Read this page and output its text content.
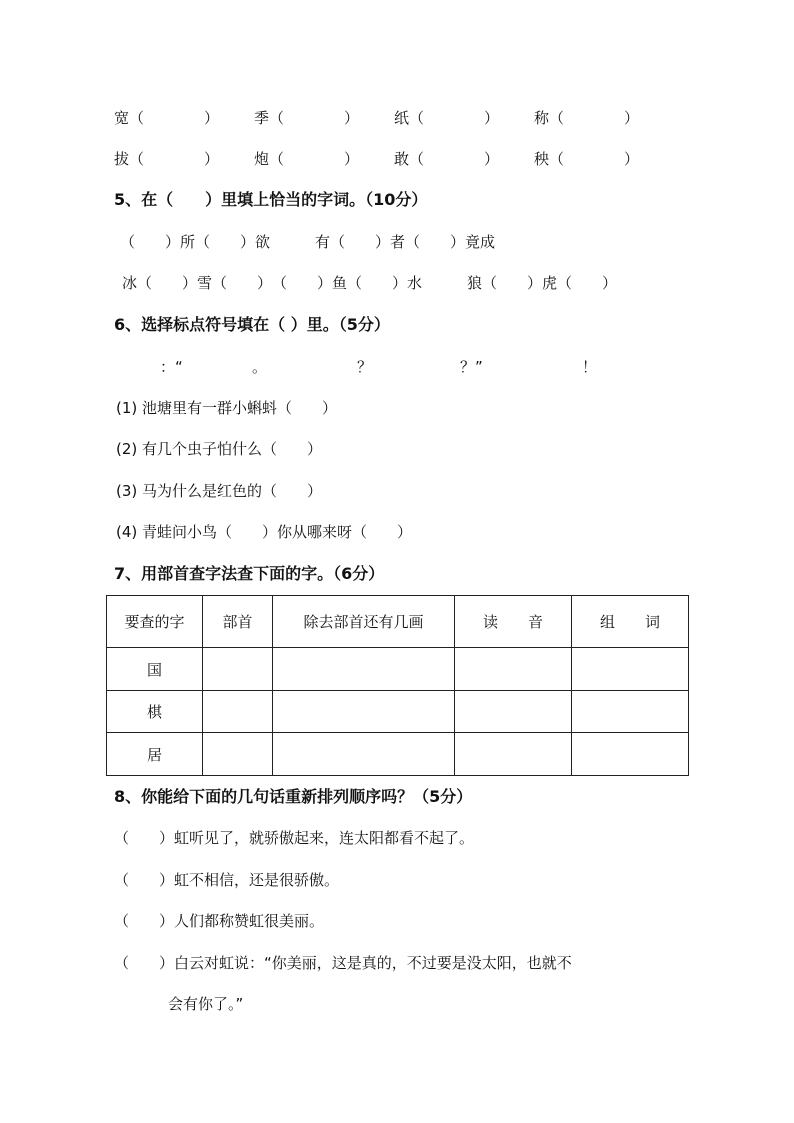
宽（　　　　） 季（　　　　） 纸（　　　　） 称（　　　　）
拔（　　　　） 炮（　　　　） 敢（　　　　） 秧（　　　　）
5、在（　　）里填上恰当的字词。（10分）
（　　）所（　　）欲　　　有（　　）者（　　）竟成
冰（　　）雪（　　）　（　　）鱼（　　）水　　　狼（　　）虎（　　）
6、选择标点符号填在（ ）里。（5分）
：“	。	？	？”	！
(1) 池塘里有一群小蝌蚪（　　）
(2) 有几个虫子怕什么（　　）
(3) 马为什么是红色的（　　）
(4) 青蛙问小鸟（　　）你从哪来呀（　　）
7、用部首查字法查下面的字。（6分）
要查的字	部首	除去部首还有几画	读　　音	组　　词
国				
棋				
居				
8、你能给下面的几句话重新排列顺序吗？（5分）
（　　）虹听见了，就骄傲起来，连太阳都看不起了。
（　　）虹不相信，还是很骄傲。
（　　）人们都称赞虹很美丽。
（　　）白云对虹说：“你美丽，这是真的，不过要是没太阳，也就不
会有你了。”
